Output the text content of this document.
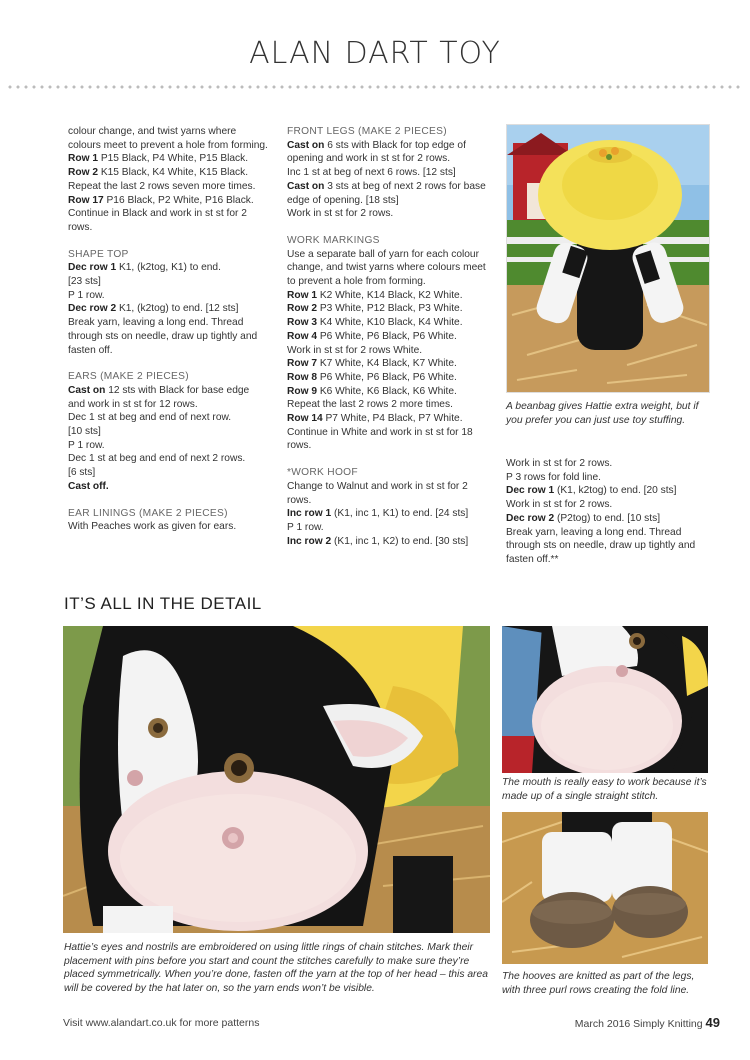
ALAN DART TOY

colour change, and twist yarns where colours meet to prevent a hole from forming.

Row 1 P15 Black, P4 White, P15 Black.

Row 2 K15 Black, K4 White, K15 Black.

Repeat the last 2 rows seven more times.

Row 17 P16 Black, P2 White, P16 Black.

Continue in Black and work in st st for 2 rows.

SHAPE TOP

Dec row 1 K1, (k2tog, K1) to end.

[23 sts]

P 1 row.

Dec row 2 K1, (k2tog) to end. [12 sts]

Break yarn, leaving a long end. Thread through sts on needle, draw up tightly and fasten off.

EARS (MAKE 2 PIECES)

Cast on 12 sts with Black for base edge and work in st st for 12 rows.

Dec 1 st at beg and end of next row.

[10 sts]

P 1 row.

Dec 1 st at beg and end of next 2 rows.

[6 sts]

Cast off.

EAR LININGS (MAKE 2 PIECES)

With Peaches work as given for ears.

FRONT LEGS (MAKE 2 PIECES)

Cast on 6 sts with Black for top edge of opening and work in st st for 2 rows.

Inc 1 st at beg of next 6 rows. [12 sts]

Cast on 3 sts at beg of next 2 rows for base edge of opening. [18 sts]

Work in st st for 2 rows.

WORK MARKINGS

Use a separate ball of yarn for each colour change, and twist yarns where colours meet to prevent a hole from forming.

Row 1 K2 White, K14 Black, K2 White.

Row 2 P3 White, P12 Black, P3 White.

Row 3 K4 White, K10 Black, K4 White.

Row 4 P6 White, P6 Black, P6 White.

Work in st st for 2 rows White.

Row 7 K7 White, K4 Black, K7 White.

Row 8 P6 White, P6 Black, P6 White.

Row 9 K6 White, K6 Black, K6 White.

Repeat the last 2 rows 2 more times.

Row 14 P7 White, P4 Black, P7 White.

Continue in White and work in st st for 18 rows.

*WORK HOOF

Change to Walnut and work in st st for 2 rows.

Inc row 1 (K1, inc 1, K1) to end. [24 sts]

P 1 row.

Inc row 2 (K1, inc 1, K2) to end. [30 sts]

A beanbag gives Hattie extra weight, but if you prefer you can just use toy stuffing.

Work in st st for 2 rows.

P 3 rows for fold line.

Dec row 1 (K1, k2tog) to end. [20 sts]

Work in st st for 2 rows.

Dec row 2 (P2tog) to end. [10 sts]

Break yarn, leaving a long end. Thread through sts on needle, draw up tightly and fasten off.**

IT’S ALL IN THE DETAIL
Hattie’s eyes and nostrils are embroidered on using little rings of chain stitches. Mark their placement with pins before you start and count the stitches carefully to make sure they’re placed symmetrically. When you’re done, fasten off the yarn at the top of her head – this area will be covered by the hat later on, so the yarn ends won’t be visible.
The mouth is really easy to work because it’s made up of a single straight stitch.
The hooves are knitted as part of the legs, with three purl rows creating the fold line.
Visit www.alandart.co.uk for more patterns	March 2016 Simply Knitting 49
